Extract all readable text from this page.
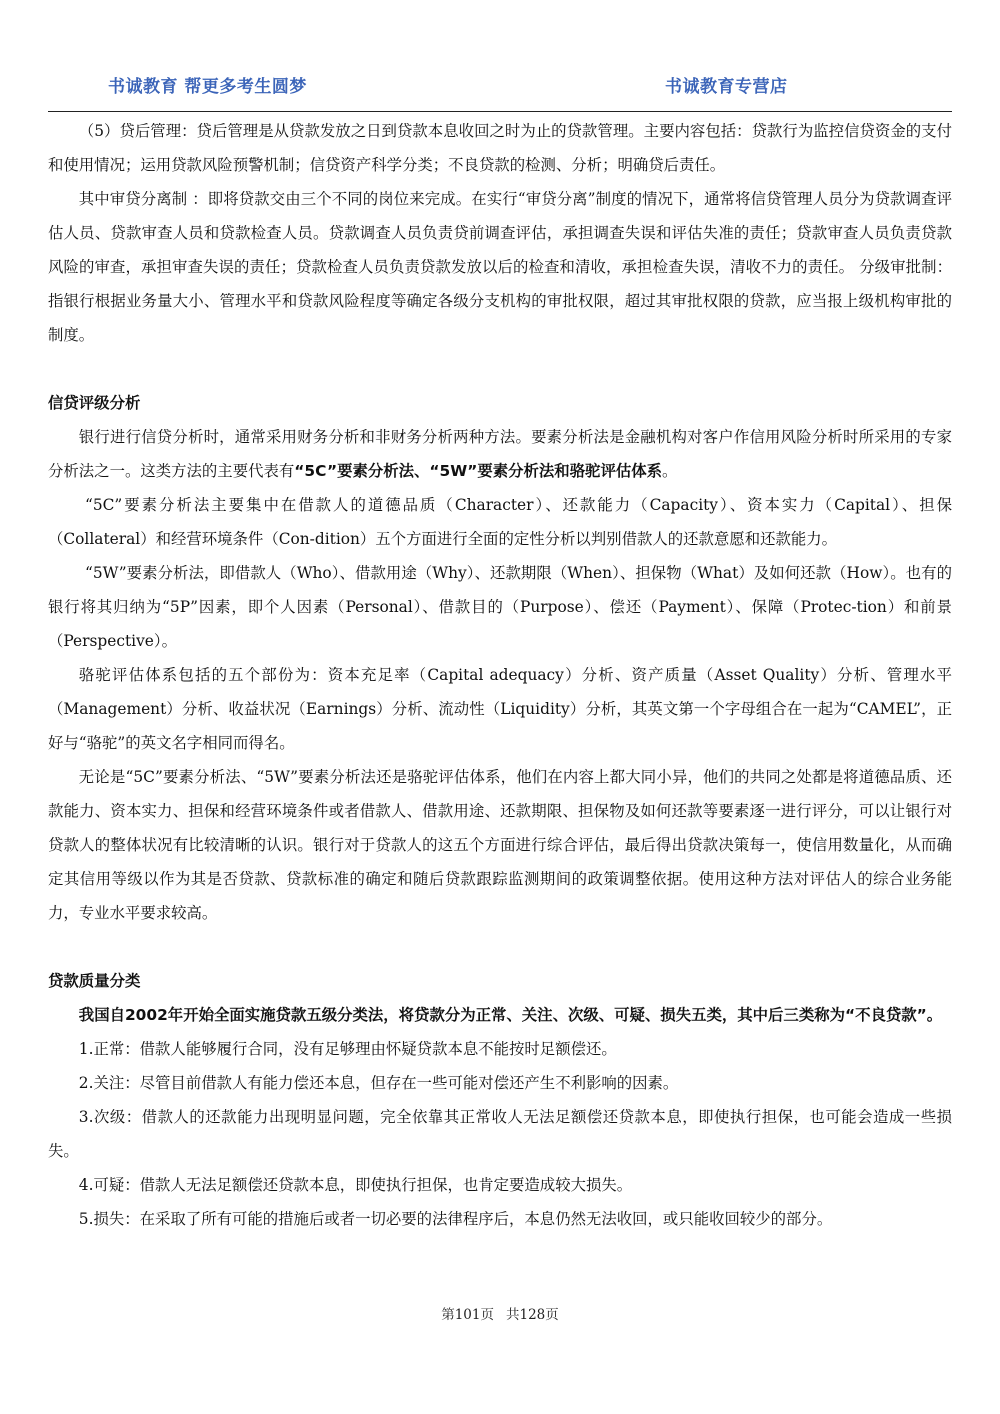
书诚教育 帮更多考生圆梦	书诚教育专营店

（5）贷后管理：贷后管理是从贷款发放之日到贷款本息收回之时为止的贷款管理。主要内容包括：贷款行为监控信贷资金的支付和使用情况；运用贷款风险预警机制；信贷资产科学分类；不良贷款的检测、分析；明确贷后责任。

其中审贷分离制 ：即将贷款交由三个不同的岗位来完成。在实行“审贷分离”制度的情况下，通常将信贷管理人员分为贷款调查评估人员、贷款审查人员和贷款检查人员。贷款调查人员负责贷前调查评估，承担调查失误和评估失准的责任；贷款审查人员负责贷款风险的审查，承担审查失误的责任；贷款检查人员负责贷款发放以后的检查和清收，承担检查失误，清收不力的责任。 分级审批制：指银行根据业务量大小、管理水平和贷款风险程度等确定各级分支机构的审批权限，超过其审批权限的贷款，应当报上级机构审批的制度。

信贷评级分析

银行进行信贷分析时，通常采用财务分析和非财务分析两种方法。要素分析法是金融机构对客户作信用风险分析时所采用的专家分析法之一。这类方法的主要代表有“5C”要素分析法、“5W”要素分析法和骆驼评估体系。

“5C”要素分析法主要集中在借款人的道德品质（Character）、还款能力（Capacity）、资本实力（Capital）、担保（Collateral）和经营环境条件（Con-dition）五个方面进行全面的定性分析以判别借款人的还款意愿和还款能力。

“5W”要素分析法，即借款人（Who）、借款用途（Why）、还款期限（When）、担保物（What）及如何还款（How）。也有的银行将其归纳为“5P”因素，即个人因素（Personal）、借款目的（Purpose）、偿还（Payment）、保障（Protec-tion）和前景（Perspective）。

骆驼评估体系包括的五个部份为：资本充足率（Capital adequacy）分析、资产质量（Asset Quality）分析、管理水平（Management）分析、收益状况（Earnings）分析、流动性（Liquidity）分析，其英文第一个字母组合在一起为“CAMEL”，正好与“骆驼”的英文名字相同而得名。

无论是“5C”要素分析法、“5W”要素分析法还是骆驼评估体系，他们在内容上都大同小异，他们的共同之处都是将道德品质、还款能力、资本实力、担保和经营环境条件或者借款人、借款用途、还款期限、担保物及如何还款等要素逐一进行评分，可以让银行对贷款人的整体状况有比较清晰的认识。银行对于贷款人的这五个方面进行综合评估，最后得出贷款决策每一，使信用数量化，从而确定其信用等级以作为其是否贷款、贷款标准的确定和随后贷款跟踪监测期间的政策调整依据。使用这种方法对评估人的综合业务能力，专业水平要求较高。

贷款质量分类

我国自2002年开始全面实施贷款五级分类法，将贷款分为正常、关注、次级、可疑、损失五类，其中后三类称为“不良贷款”。

1.正常：借款人能够履行合同，没有足够理由怀疑贷款本息不能按时足额偿还。

2.关注：尽管目前借款人有能力偿还本息，但存在一些可能对偿还产生不利影响的因素。

3.次级：借款人的还款能力出现明显问题，完全依靠其正常收人无法足额偿还贷款本息，即使执行担保，也可能会造成一些损失。

4.可疑：借款人无法足额偿还贷款本息，即使执行担保，也肯定要造成较大损失。

5.损失：在采取了所有可能的措施后或者一切必要的法律程序后，本息仍然无法收回，或只能收回较少的部分。

第101页 共128页
